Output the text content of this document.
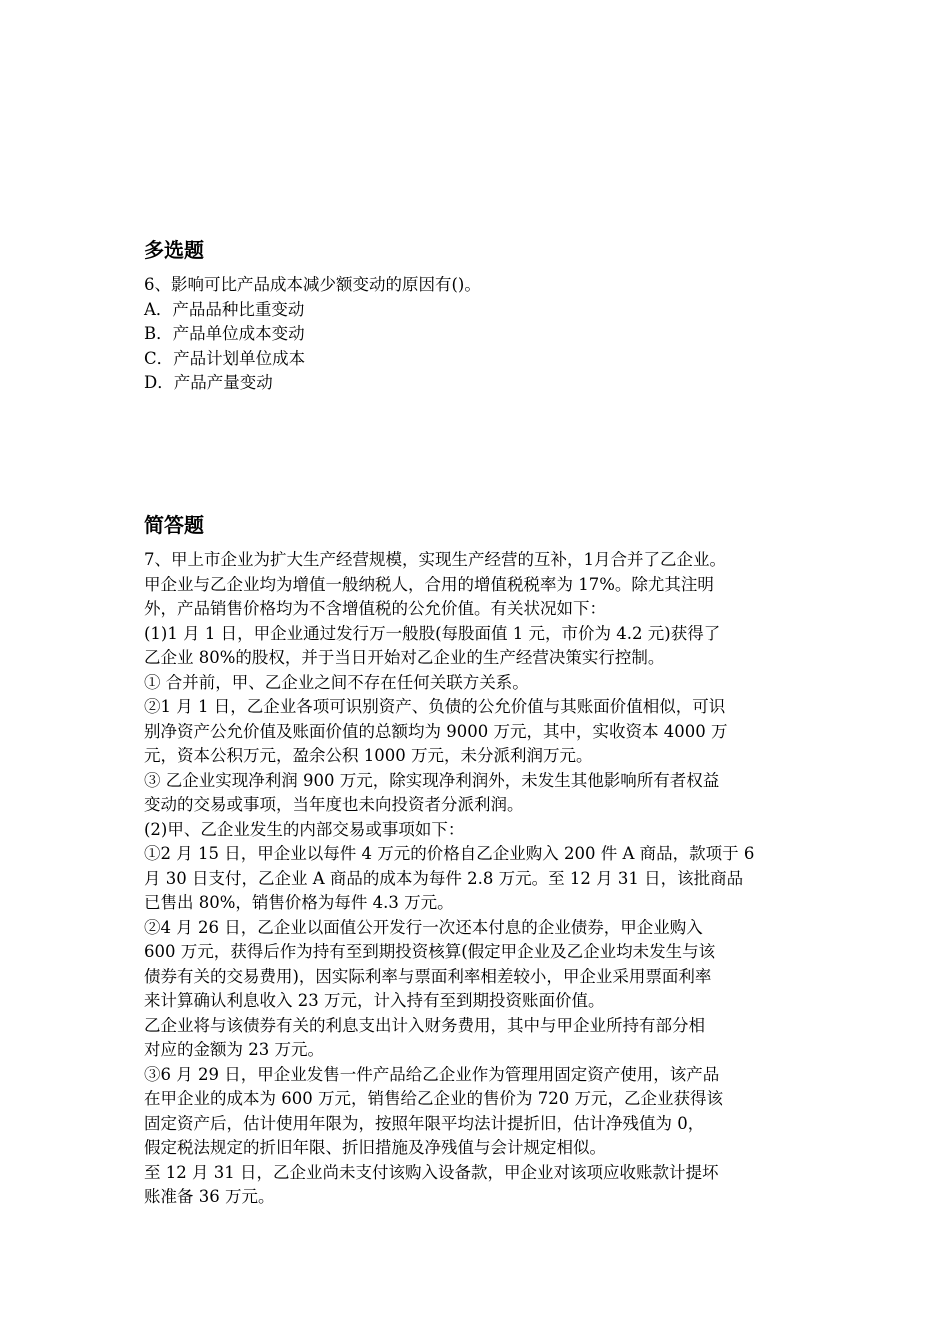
多选题
6、影响可比产品成本减少额变动的原因有()。
A．产品品种比重变动
B．产品单位成本变动
C．产品计划单位成本
D．产品产量变动
简答题
7、甲上市企业为扩大生产经营规模，实现生产经营的互补，1月合并了乙企业。
甲企业与乙企业均为增值一般纳税人，合用的增值税税率为 17%。除尤其注明
外，产品销售价格均为不含增值税的公允价值。有关状况如下：
(1)1 月 1 日，甲企业通过发行万一般股(每股面值 1 元，市价为 4.2 元)获得了
乙企业 80%的股权，并于当日开始对乙企业的生产经营决策实行控制。
① 合并前，甲、乙企业之间不存在任何关联方关系。
②1 月 1 日，乙企业各项可识别资产、负债的公允价值与其账面价值相似，可识
别净资产公允价值及账面价值的总额均为 9000 万元，其中，实收资本 4000 万
元，资本公积万元，盈余公积 1000 万元，未分派利润万元。
③ 乙企业实现净利润 900 万元，除实现净利润外，未发生其他影响所有者权益
变动的交易或事项，当年度也未向投资者分派利润。
(2)甲、乙企业发生的内部交易或事项如下：
①2 月 15 日，甲企业以每件 4 万元的价格自乙企业购入 200 件 A 商品，款项于 6
月 30 日支付，乙企业 A 商品的成本为每件 2.8 万元。至 12 月 31 日，该批商品
已售出 80%，销售价格为每件 4.3 万元。
②4 月 26 日，乙企业以面值公开发行一次还本付息的企业债券，甲企业购入
600 万元，获得后作为持有至到期投资核算(假定甲企业及乙企业均未发生与该
债券有关的交易费用)，因实际利率与票面利率相差较小，甲企业采用票面利率
来计算确认利息收入 23 万元，计入持有至到期投资账面价值。
乙企业将与该债券有关的利息支出计入财务费用，其中与甲企业所持有部分相
对应的金额为 23 万元。
③6 月 29 日，甲企业发售一件产品给乙企业作为管理用固定资产使用，该产品
在甲企业的成本为 600 万元，销售给乙企业的售价为 720 万元，乙企业获得该
固定资产后，估计使用年限为，按照年限平均法计提折旧，估计净残值为 0，
假定税法规定的折旧年限、折旧措施及净残值与会计规定相似。
至 12 月 31 日，乙企业尚未支付该购入设备款，甲企业对该项应收账款计提坏
账准备 36 万元。
